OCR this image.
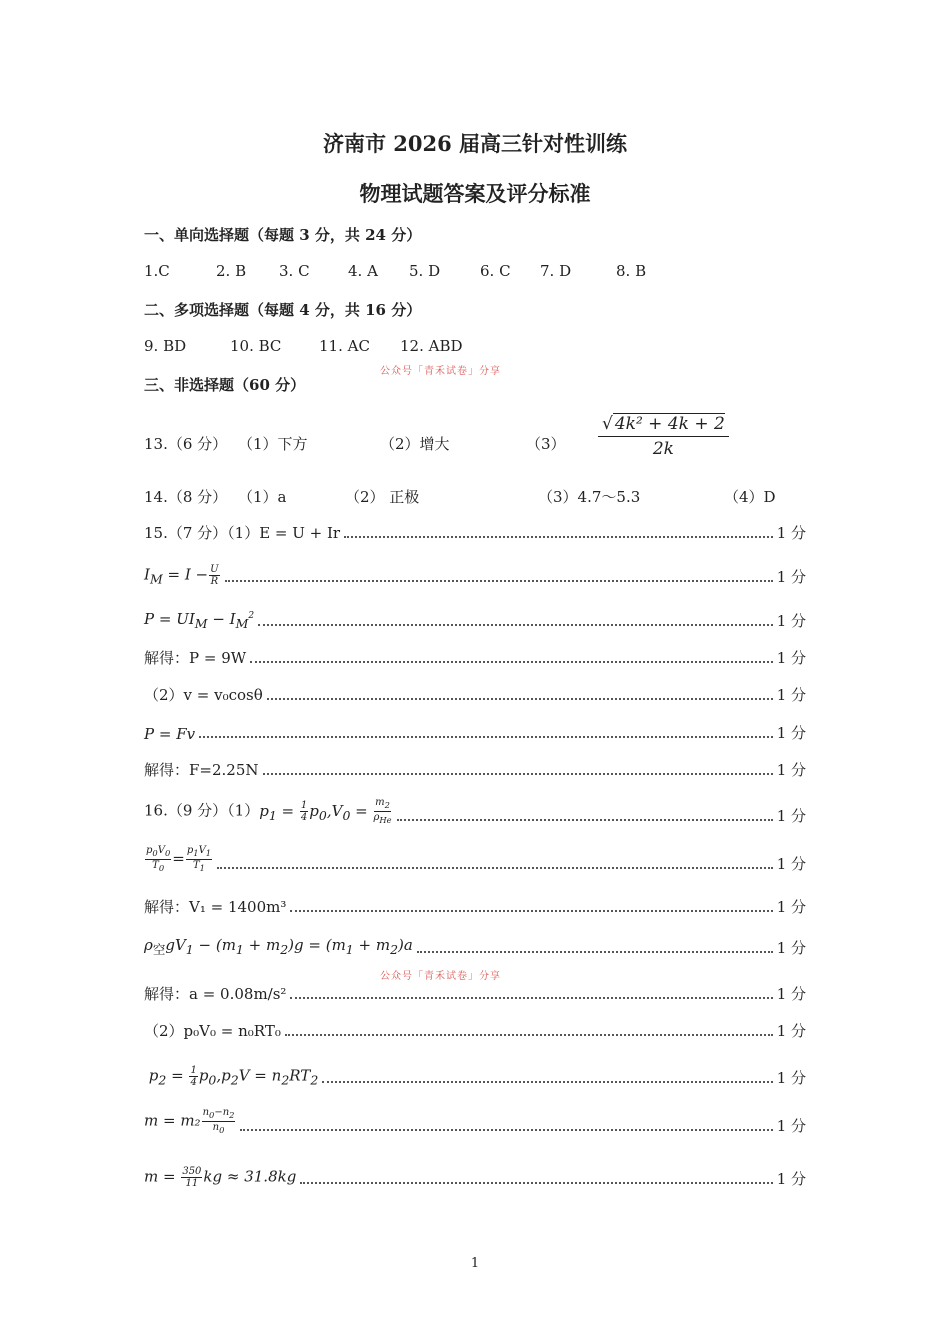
济南市 2026 届高三针对性训练
物理试题答案及评分标准
一、单向选择题（每题 3 分，共 24 分）
1.C	2. B 3. C	4. A 5. D	6. C 7. D	8. B
二、多项选择题（每题 4 分，共 16 分）
9. BD	10. BC	11. AC 12. ABD
公众号「青禾试卷」分享
三、非选择题（60 分）
13.（6 分） （1）下方	（2）增大	（3）
√ 4k² + 4k + 2
2k
14.（8 分） （1）a	（2） 正极	（3）4.7～5.3	（4）D
15.（7 分）（1）E = U + Ir	1 分
$I_M = I - \frac{U}{R}$	1 分
$P = UI_M - I_M^2$	1 分
解得：P = 9W	1 分
（2）v = v₀cosθ	1 分
P = Fv	1 分
解得：F=2.25N	1 分
16.（9 分）$(1)p_1 = \frac{1}{4} p_0,V_0 = \frac{m_2}{\rho_{He}}$	1 分
$\frac{p_0V_0}{T_0} = \frac{p_1V_1}{T_1}$	1 分
解得：V₁ = 1400m³	1 分
$\rho_空gV_1 - (m_1 + m_2)g = (m_1 + m_2)a$	1 分
公众号「青禾试卷」分享
解得：a = 0.08m/s²	1 分
（2）p₀V₀ = n₀RT₀	1 分
$p_2 = \frac{1}{4} p_0,p_2V = n_2RT_2$	1 分
$m = m_2 \frac{n_0-n_2}{n_0}$	1 分
$m = \frac{350}{11}$ kg ≈ 31.8kg	1 分
1
